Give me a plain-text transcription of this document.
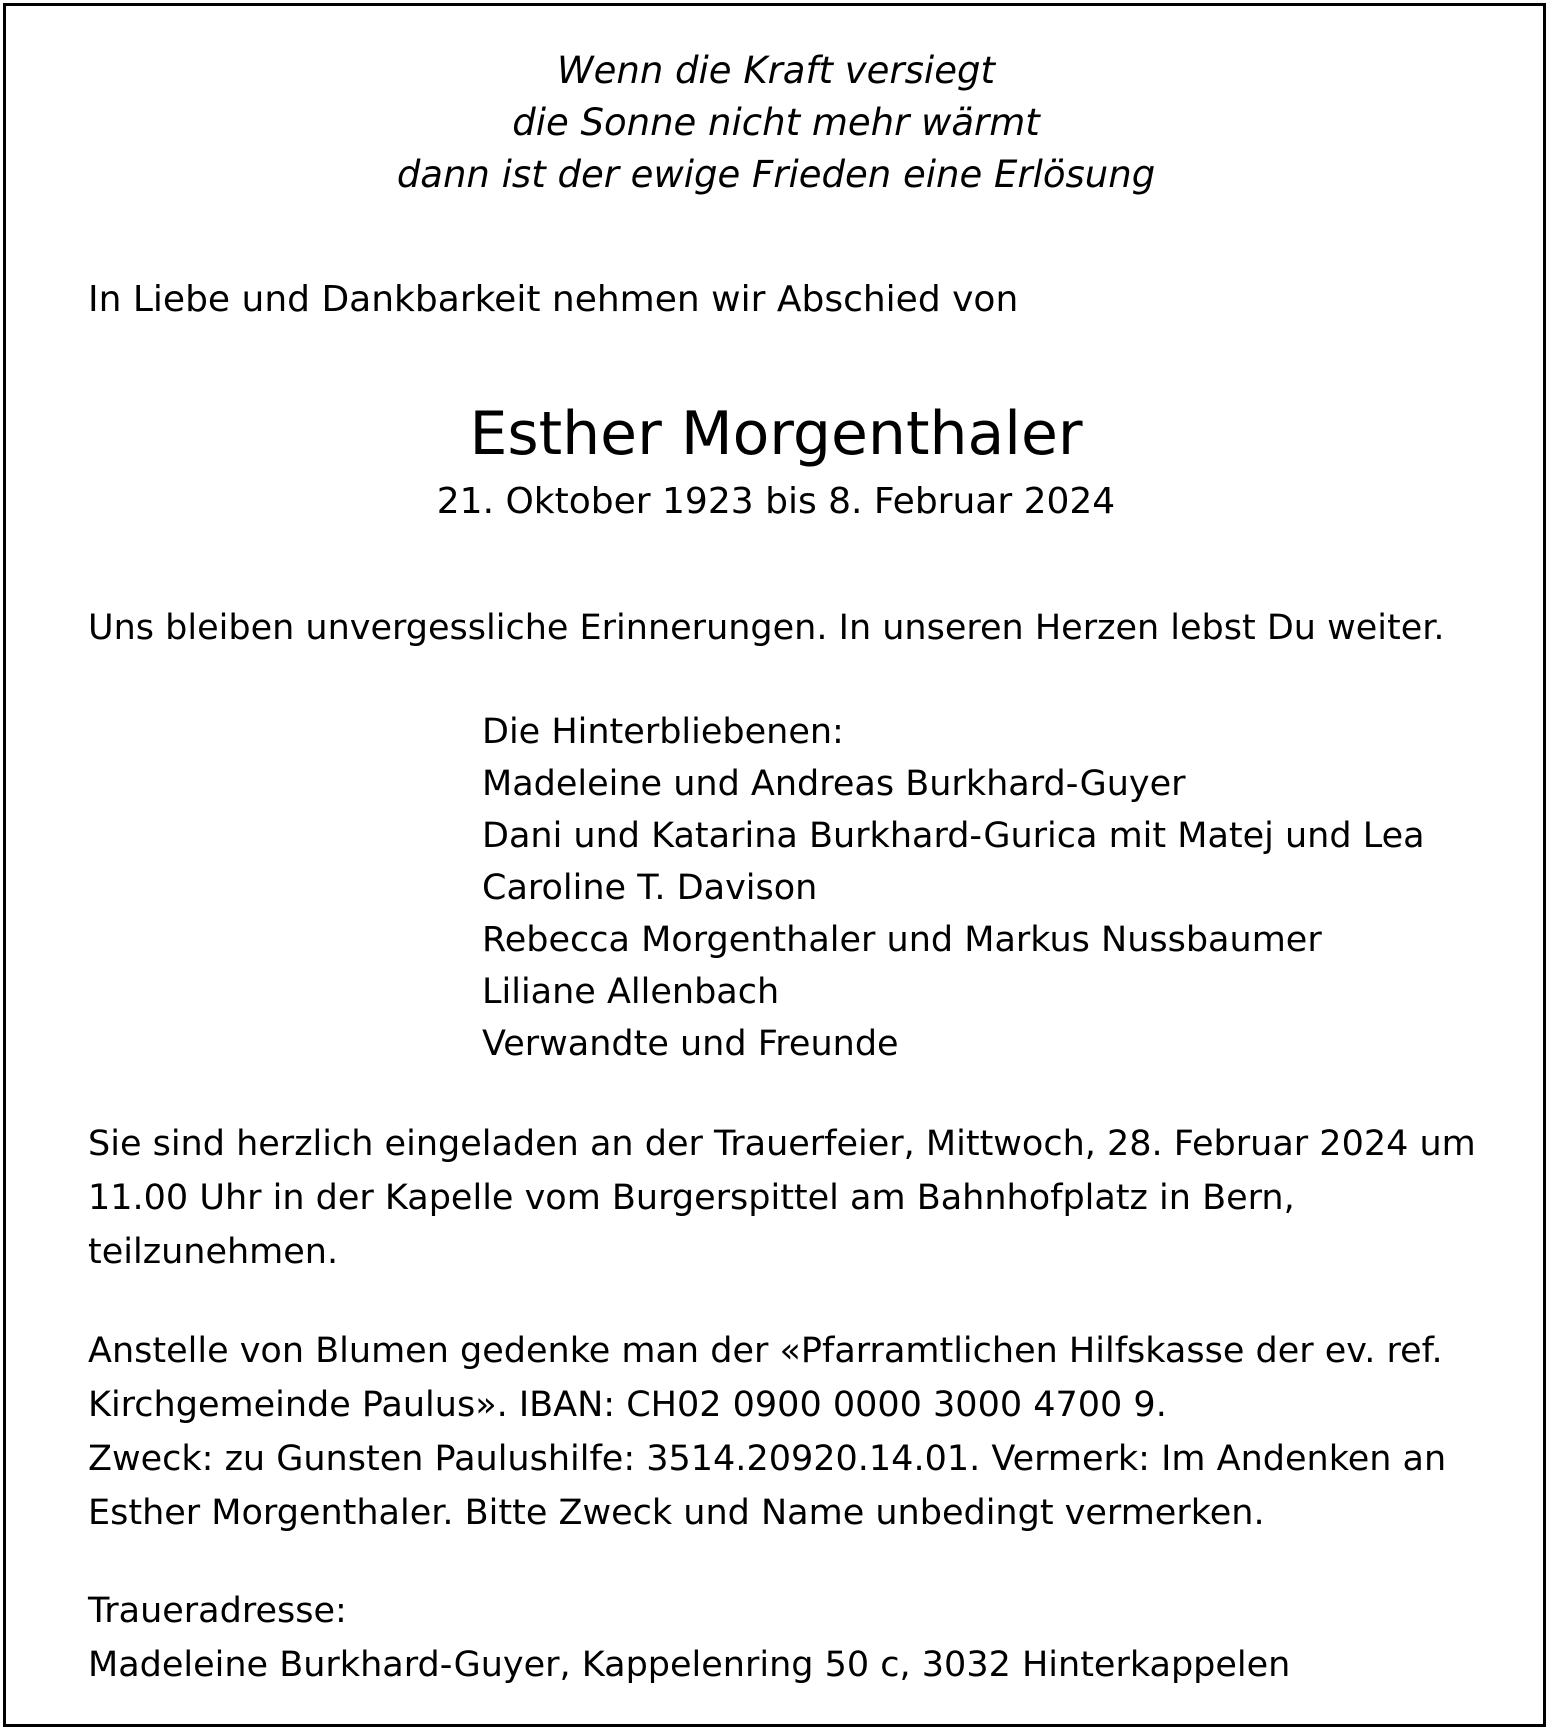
Wenn die Kraft versiegt
die Sonne nicht mehr wärmt
dann ist der ewige Frieden eine Erlösung
In Liebe und Dankbarkeit nehmen wir Abschied von
Esther Morgenthaler
21. Oktober 1923 bis 8. Februar 2024
Uns bleiben unvergessliche Erinnerungen. In unseren Herzen lebst Du weiter.
Die Hinterbliebenen:
Madeleine und Andreas Burkhard-Guyer
Dani und Katarina Burkhard-Gurica mit Matej und Lea
Caroline T. Davison
Rebecca Morgenthaler und Markus Nussbaumer
Liliane Allenbach
Verwandte und Freunde
Sie sind herzlich eingeladen an der Trauerfeier, Mittwoch, 28. Februar 2024 um
11.00 Uhr in der Kapelle vom Burgerspittel am Bahnhofplatz in Bern,
teilzunehmen.
Anstelle von Blumen gedenke man der «Pfarramtlichen Hilfskasse der ev. ref.
Kirchgemeinde Paulus». IBAN: CH02 0900 0000 3000 4700 9.
Zweck: zu Gunsten Paulushilfe: 3514.20920.14.01. Vermerk: Im Andenken an
Esther Morgenthaler. Bitte Zweck und Name unbedingt vermerken.
Traueradresse:
Madeleine Burkhard-Guyer, Kappelenring 50 c, 3032 Hinterkappelen
